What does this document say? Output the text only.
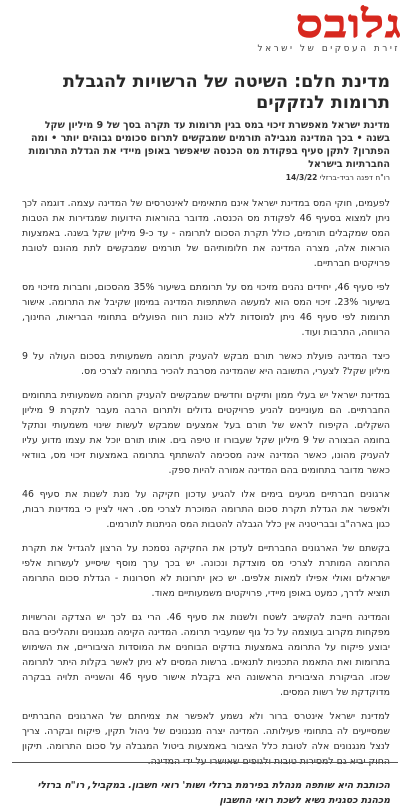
גלובס
זירת העסקים של ישראל
מדינת חלם: השיטה של הרשויות להגבלת תרומות לנזקקים

מדינת ישראל מאפשרת זיכוי במס בגין תרומות עד תקרה בסך של 9 מיליון שקל בשנה • בכך המדינה מגבילה תורמים שמבקשים לתרום סכומים גבוהים יותר • ומה הפתרון? לתקן סעיף בפקודת מס הכנסה שיאפשר באופן מיידי את הגדלת התרומות החברתיות בישראל

רו"ח דפנה רביד-ברזלי 14/3/22

לפעמים, חוקי המס במדינת ישראל אינם מתאימים לאינטרסים של המדינה עצמה. דוגמה לכך ניתן למצוא בסעיף 46 לפקודת מס הכנסה. מדובר בהוראות הידועות שמגדירות את הטבות המס שמקבלים תורמים, כולל תקרת הסכום לתרומה - עד כ-9 מיליון שקל בשנה. באמצעות הוראות אלה, מצרה המדינה את חלומותיהם של תורמים שמבקשים לתת מהונם לטובת פרויקטים חברתיים.

לפי סעיף 46, יחידים נהנים מזיכוי מס על תרומתם בשיעור 35% מהסכום, וחברות מזיכוי מס בשיעור 23%. זיכוי המס הוא למעשה השתתפות המדינה במימון שקיבל את התרומה. אישור תרומות לפי סעיף 46 ניתן למוסדות ללא כוונת רווח הפועלים בתחומי הבריאות, החינוך, הרווחה, התרבות ועוד.

כיצד המדינה פועלת כאשר תורם מבקש להעניק תרומה משמעותית בסכום העולה על 9 מיליון שקל? לצערי, התשובה היא שהמדינה מסרבת להכיר בתרומה לצרכי מס.

במדינת ישראל יש בעלי ממון ותיקים וחדשים שמבקשים להעניק תרומה משמעותית בתחומים החברתיים. הם מעוניינים להניע פרויקטים גדולים ולתרום הרבה מעבר לתקרת 9 מיליון השקלים. הקיפוח לראש של תורם בעל אמצעים שמבקש לעשות שינוי משמעותי ונתקל בחומה הבצורה של 9 מיליון שקל שעבורו זו טיפה בים. אותו תורם יוכל את עצמו מדוע עליו להעניק מהונו, כאשר המדינה אינה מסכימה להשתתף בתרומה באמצעות זיכוי מס, בוודאי כאשר מדובר בתחומים בהם המדינה אמורה להיות ספק.

ארגונים חברתיים מגיעים בימים אלו להגיע עדכון חקיקה על מנת לשנות את סעיף 46 ולאפשר את הגדלת תקרת סכום התרומה המוכרת לצרכי מס. ראוי לציין כי במדינות רבות, כגון בארה"ב ובבריטניה אין כלל הגבלה להטבות המס הניתנות לתורמים.

בקשתם של הארגונים החברתיים לעדכן את החקיקה נסמכת על הרצון להגדיל את תקרת התרומה המותרת לצרכי מס מוצדקת ונכונה. יש בכך ערך מוסף שיסייע לעשרות אלפי ישראלים ואולי אפילו למאות אלפים. יש כאן יתרונות לא חסרונות - הגדלת סכום התרומה תוציא לדרך, כמעט באופן מיידי, פרויקטים משמעותיים מאוד.

והמדינה חייבת להקשיב לשטח ולשנות את סעיף 46. הרי גם לכך יש הצדקה והרשויות מפקחות מקרוב בעוצמה על כל גוף שמעביר תרומה. המדינה הקימה מנגנונים ותהליכים בהם יבוצע פיקוח על התרומה באמצעות בודקים הבוחנים את המוסדות הציבוריים, את השימוש בתרומות ואת התאמת התכניות לתנאים. ברשות המסים לא ניתן לאשר בקלות היתר לתרומה שכזו. הביקורת הציבורית הראשונה היא בקבלת אישור סעיף 46 והשנייה תלויה בבקרה מדוקדקת של רשות המסים.

למדינת ישראל אינטרס ברור ולא נשמע לאפשר את צמיחתם של הארגונים החברתיים שמסייעים לה בתחומי פעילותה. המדינה יצרה מנגנונים של ניהול תקין, פיקוח ובקרה. צריך לנצל מנגנונים אלה לטובת כלל הציבור באמצעות ביטול המגבלה על סכום התרומה. תיקון

הכותבת היא שותפה מנהלת בפירמת ברזלי ושות' רואי חשבון. במקביל, רו"ח ברזלי מכהנת כסגנית נשיא לשכת רואי החשבון
